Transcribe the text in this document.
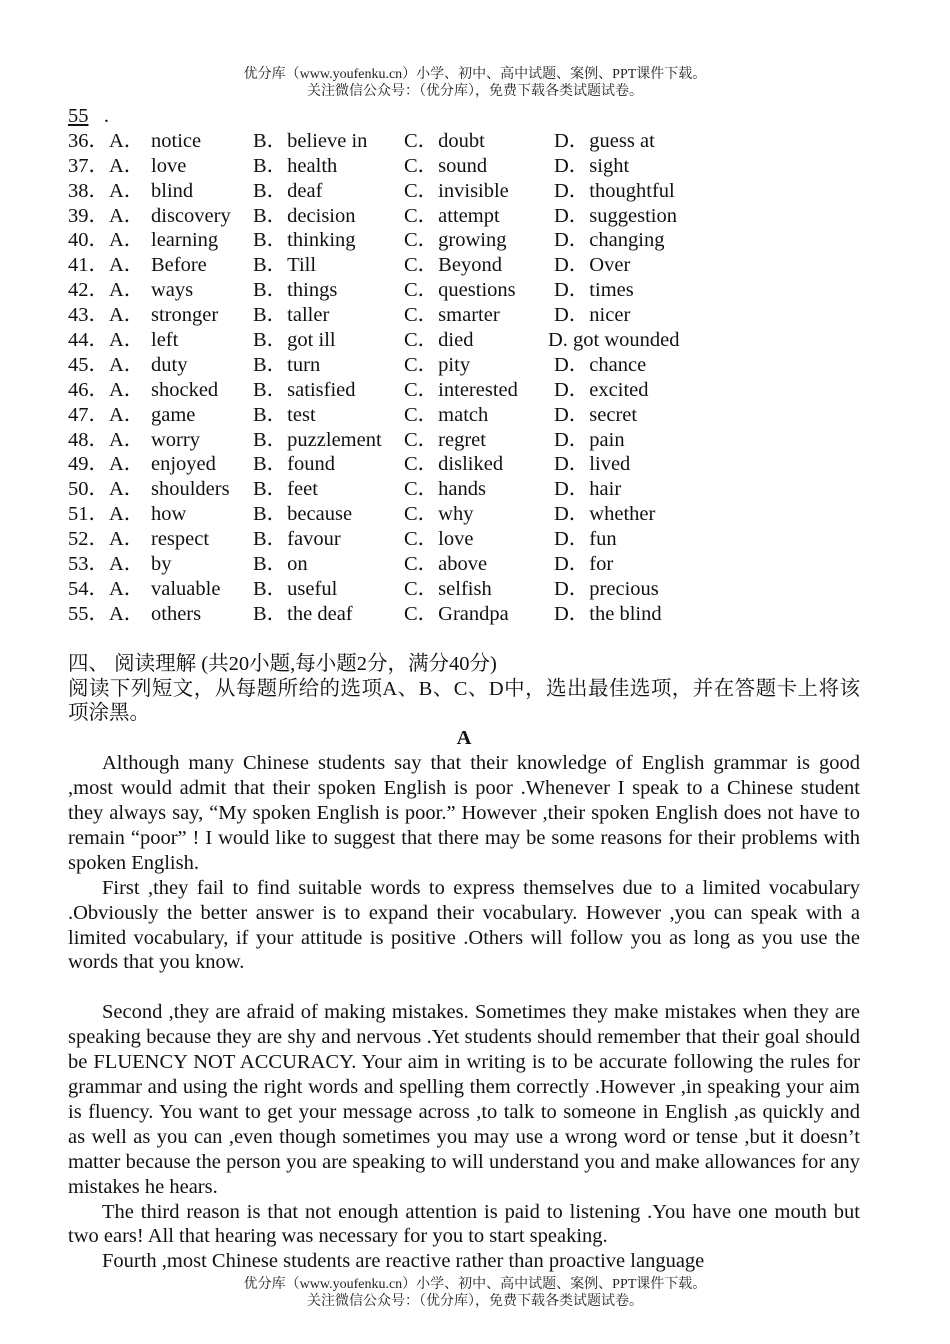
优分库（www.youfenku.cn）小学、初中、高中试题、案例、PPT课件下载。
关注微信公众号：（优分库），免费下载各类试题试卷。
55   .
36．A． notice	B．believe in C．doubt	D．guess at
37．A． love	B．health	C．sound	D．sight
38．A． blind	B．deaf	C．invisible D．thoughtful
39．A． discovery B．decision C．attempt	D．suggestion
40．A． learning B．thinking C．growing D．changing
41．A． Before B．Till	C．Beyond	D．Over
42．A． ways	B．things	C．questions D．times
43．A． stronger B．taller	C．smarter	D．nicer
44．A． left	B．got ill	C．died	D. got wounded
45．A． duty	B．turn	C．pity	D．chance
46．A． shocked B．satisfied C．interested D．excited
47．A． game	B．test	C．match	D．secret
48．A． worry	B．puzzlement C．regret	D．pain
49．A． enjoyed B．found	C．disliked D．lived
50．A． shoulders B．feet	C．hands	D．hair
51．A． how	B．because	C．why	D．whether
52．A． respect B．favour	C．love	D．fun
53．A． by	B．on	C．above	D．for
54．A． valuable B．useful	C．selfish	D．precious
55．A． others	B．the deaf	C．Grandpa D．the blind
四、 阅读理解 (共20小题,每小题2分，满分40分)
阅读下列短文，从每题所给的选项A、B、C、D中，选出最佳选项，并在答题卡上将该项涂黑。
A

Although many Chinese students say that their knowledge of English grammar is good ,most would admit that their spoken English is poor .Whenever I speak to a Chinese student they always say, “My spoken English is poor.” However ,their spoken English does not have to remain “poor” ! I would like to suggest that there may be some reasons for their problems with spoken English.

First ,they fail to find suitable words to express themselves due to a limited vocabulary .Obviously the better answer is to expand their vocabulary. However ,you can speak with a limited vocabulary, if your attitude is positive .Others will follow you as long as you use the words that you know.

Second ,they are afraid of making mistakes. Sometimes they make mistakes when they are speaking because they are shy and nervous .Yet students should remember that their goal should be FLUENCY NOT ACCURACY. Your aim in writing is to be accurate following the rules for grammar and using the right words and spelling them correctly .However ,in speaking your aim is fluency. You want to get your message across ,to talk to someone in English ,as quickly and as well as you can ,even though sometimes you may use a wrong word or tense ,but it doesn’t matter because the person you are speaking to will understand you and make allowances for any mistakes he hears.

The third reason is that not enough attention is paid to listening .You have one mouth but two ears! All that hearing was necessary for you to start speaking.

Fourth ,most Chinese students are reactive rather than proactive language

优分库（www.youfenku.cn）小学、初中、高中试题、案例、PPT课件下载。
关注微信公众号：（优分库），免费下载各类试题试卷。
